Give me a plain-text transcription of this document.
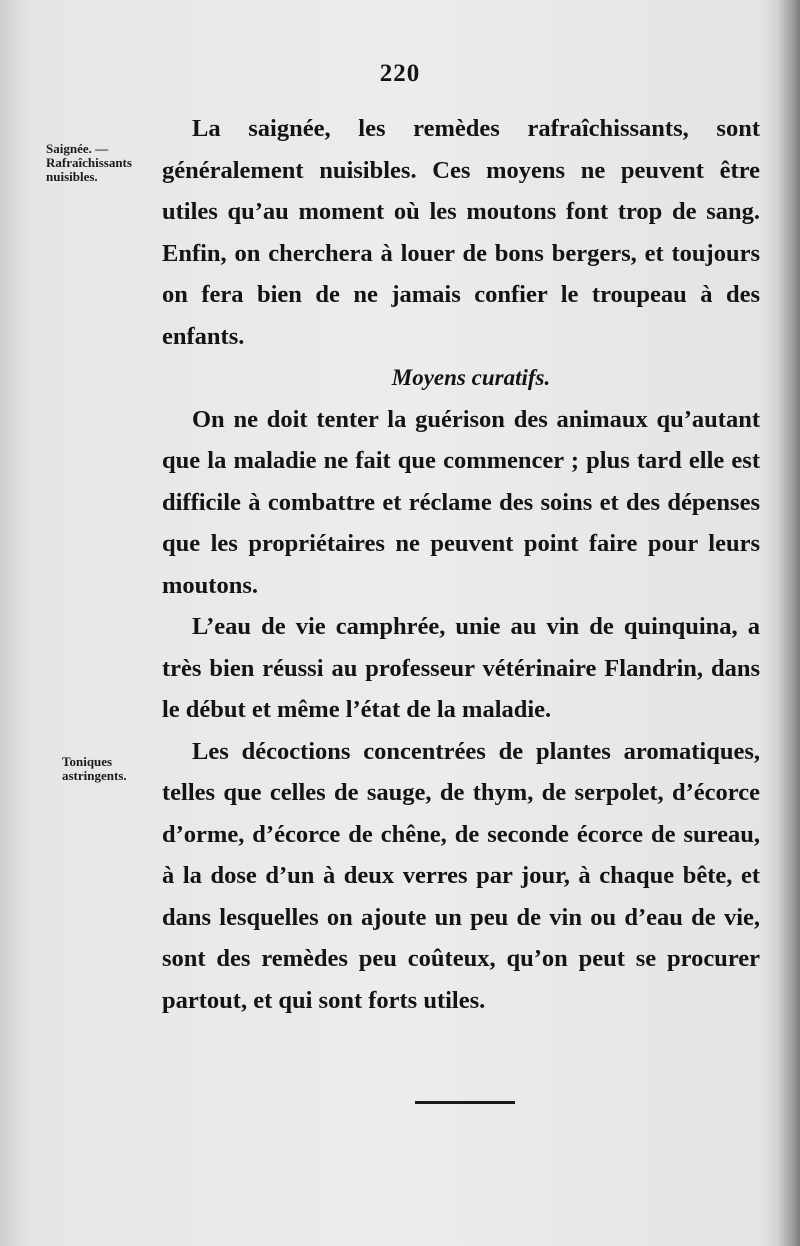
220
Saignée. — Rafraîchissants nuisibles.
Toniques astringents.

La saignée, les remèdes rafraîchissants, sont généralement nuisibles. Ces moyens ne peuvent être utiles qu’au moment où les moutons font trop de sang. Enfin, on cherchera à louer de bons bergers, et toujours on fera bien de ne jamais confier le troupeau à des enfants.

Moyens curatifs.

On ne doit tenter la guérison des animaux qu’autant que la maladie ne fait que commencer ; plus tard elle est difficile à combattre et réclame des soins et des dépenses que les propriétaires ne peuvent point faire pour leurs moutons.

L’eau de vie camphrée, unie au vin de quinquina, a très bien réussi au professeur vétérinaire Flandrin, dans le début et même l’état de la maladie.

Les décoctions concentrées de plantes aromatiques, telles que celles de sauge, de thym, de serpolet, d’écorce d’orme, d’écorce de chêne, de seconde écorce de sureau, à la dose d’un à deux verres par jour, à chaque bête, et dans lesquelles on ajoute un peu de vin ou d’eau de vie, sont des remèdes peu coûteux, qu’on peut se procurer partout, et qui sont forts utiles.
